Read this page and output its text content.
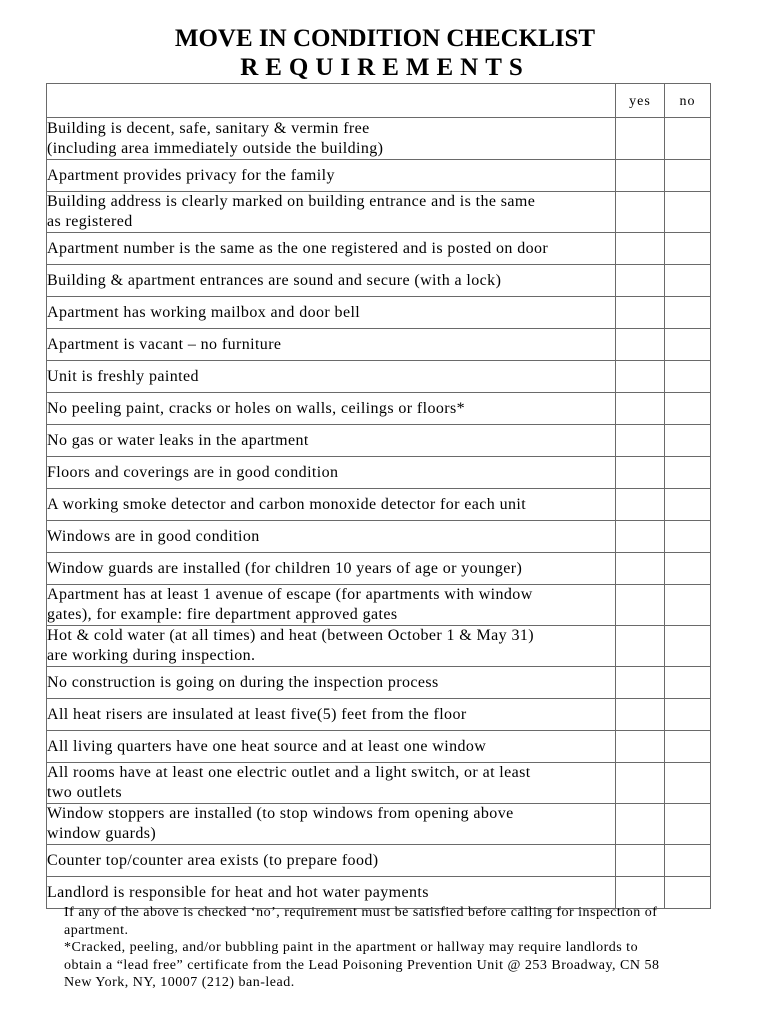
MOVE IN CONDITION CHECKLIST
REQUIREMENTS
	yes	no

Building is decent, safe, sanitary & vermin free
(including area immediately outside the building)		

Apartment provides privacy for the family		

Building address is clearly marked on building entrance and is the same
as registered		

Apartment number is the same as the one registered and is posted on door		

Building & apartment entrances are sound and secure (with a lock)		

Apartment has working mailbox and door bell		

Apartment is vacant – no furniture		

Unit is freshly painted		

No peeling paint, cracks or holes on walls, ceilings or floors*		

No gas or water leaks in the apartment		

Floors and coverings are in good condition		

A working smoke detector and carbon monoxide detector for each unit		

Windows are in good condition		

Window guards are installed (for children 10 years of age or younger)		

Apartment has at least 1 avenue of escape (for apartments with window
gates), for example: fire department approved gates		

Hot & cold water (at all times) and heat (between October 1 & May 31)
are working during inspection.		

No construction is going on during the inspection process		

All heat risers are insulated at least five(5) feet from the floor		

All living quarters have one heat source and at least one window		

All rooms have at least one electric outlet and a light switch, or at least
two outlets		

Window stoppers are installed (to stop windows from opening above
window guards)		

Counter top/counter area exists (to prepare food)		

Landlord is responsible for heat and hot water payments		

If any of the above is checked ‘no’, requirement must be satisfied before calling for inspection of

apartment.

*Cracked, peeling, and/or bubbling paint in the apartment or hallway may require landlords to

obtain a “lead free” certificate from the Lead Poisoning Prevention Unit @ 253 Broadway, CN 58

New York, NY, 10007 (212) ban-lead.
